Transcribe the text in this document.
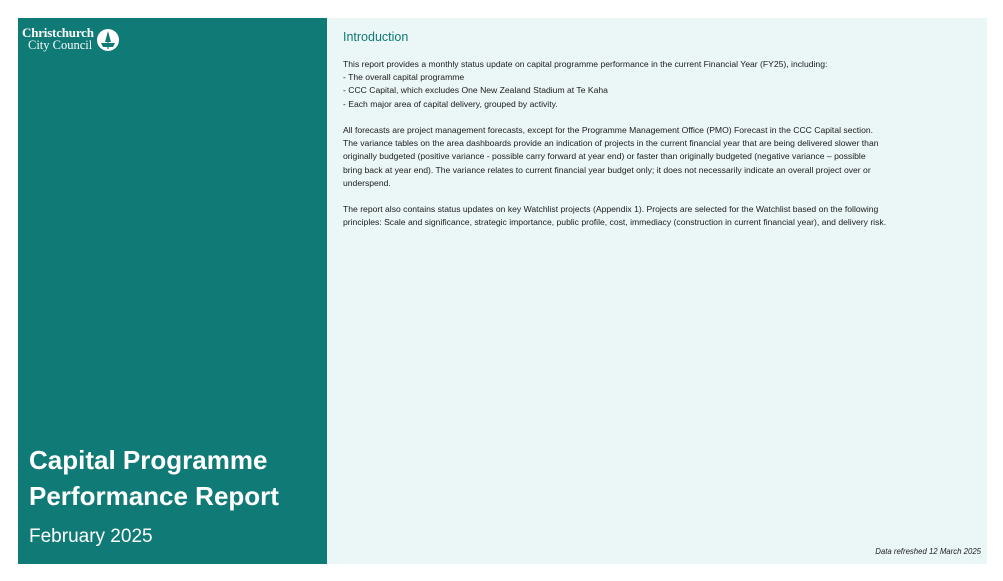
Christchurch
City Council
Capital Programme
Performance Report
February 2025
Introduction

This report provides a monthly status update on capital programme performance in the current Financial Year (FY25), including:
- The overall capital programme
- CCC Capital, which excludes One New Zealand Stadium at Te Kaha
- Each major area of capital delivery, grouped by activity.

All forecasts are project management forecasts, except for the Programme Management Office (PMO) Forecast in the CCC Capital section.
The variance tables on the area dashboards provide an indication of projects in the current financial year that are being delivered slower than
originally budgeted (positive variance - possible carry forward at year end) or faster than originally budgeted (negative variance – possible
bring back at year end). The variance relates to current financial year budget only; it does not necessarily indicate an overall project over or
underspend.

The report also contains status updates on key Watchlist projects (Appendix 1). Projects are selected for the Watchlist based on the following
principles: Scale and significance, strategic importance, public profile, cost, immediacy (construction in current financial year), and delivery risk.

Data refreshed 12 March 2025
